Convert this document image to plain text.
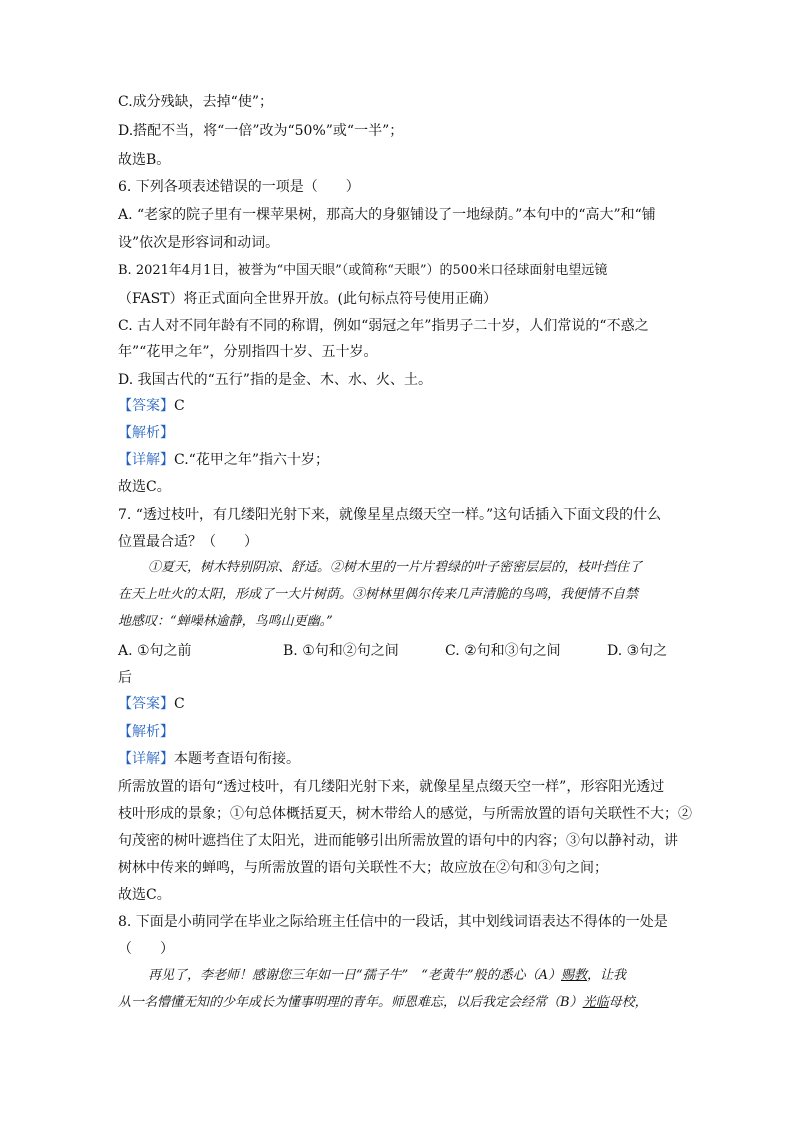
C.成分残缺，去掉“使”；
D.搭配不当，将“一倍”改为“50%”或“一半”；
故选B。
6. 下列各项表述错误的一项是（　　）
A. “老家的院子里有一棵苹果树，那高大的身躯铺设了一地绿荫。”本句中的“高大”和“铺
设”依次是形容词和动词。
B. 2021年4月1日，被誉为“中国天眼”（或简称“天眼”）的500米口径球面射电望远镜
（FAST）将正式面向全世界开放。(此句标点符号使用正确）
C. 古人对不同年龄有不同的称谓，例如“弱冠之年”指男子二十岁，人们常说的“不惑之
年”“花甲之年”，分别指四十岁、五十岁。
D. 我国古代的“五行”指的是金、木、水、火、土。
【答案】C
【解析】
【详解】C.“花甲之年”指六十岁；
故选C。
7. “透过枝叶，有几缕阳光射下来，就像星星点缀天空一样。”这句话插入下面文段的什么
位置最合适？（　　）
①夏天，树木特别阴凉、舒适。②树木里的一片片碧绿的叶子密密层层的，枝叶挡住了
在天上吐火的太阳，形成了一大片树荫。③树林里偶尔传来几声清脆的鸟鸣，我便情不自禁
地感叹：“蝉噪林逾静，鸟鸣山更幽。”
A. ①句之前	B. ①句和②句之间	C. ②句和③句之间	D. ③句之
后
【答案】C
【解析】
【详解】本题考查语句衔接。
所需放置的语句“透过枝叶，有几缕阳光射下来，就像星星点缀天空一样”，形容阳光透过
枝叶形成的景象；①句总体概括夏天，树木带给人的感觉，与所需放置的语句关联性不大；②
句茂密的树叶遮挡住了太阳光，进而能够引出所需放置的语句中的内容；③句以静衬动，讲
树林中传来的蝉鸣，与所需放置的语句关联性不大；故应放在②句和③句之间；
故选C。
8. 下面是小萌同学在毕业之际给班主任信中的一段话，其中划线词语表达不得体的一处是
（　　）
再见了，李老师！感谢您三年如一日“孺子牛”　“老黄牛”般的悉心（A）赐教，让我
从一名懵懂无知的少年成长为懂事明理的青年。师恩难忘，以后我定会经常（B）光临母校，
